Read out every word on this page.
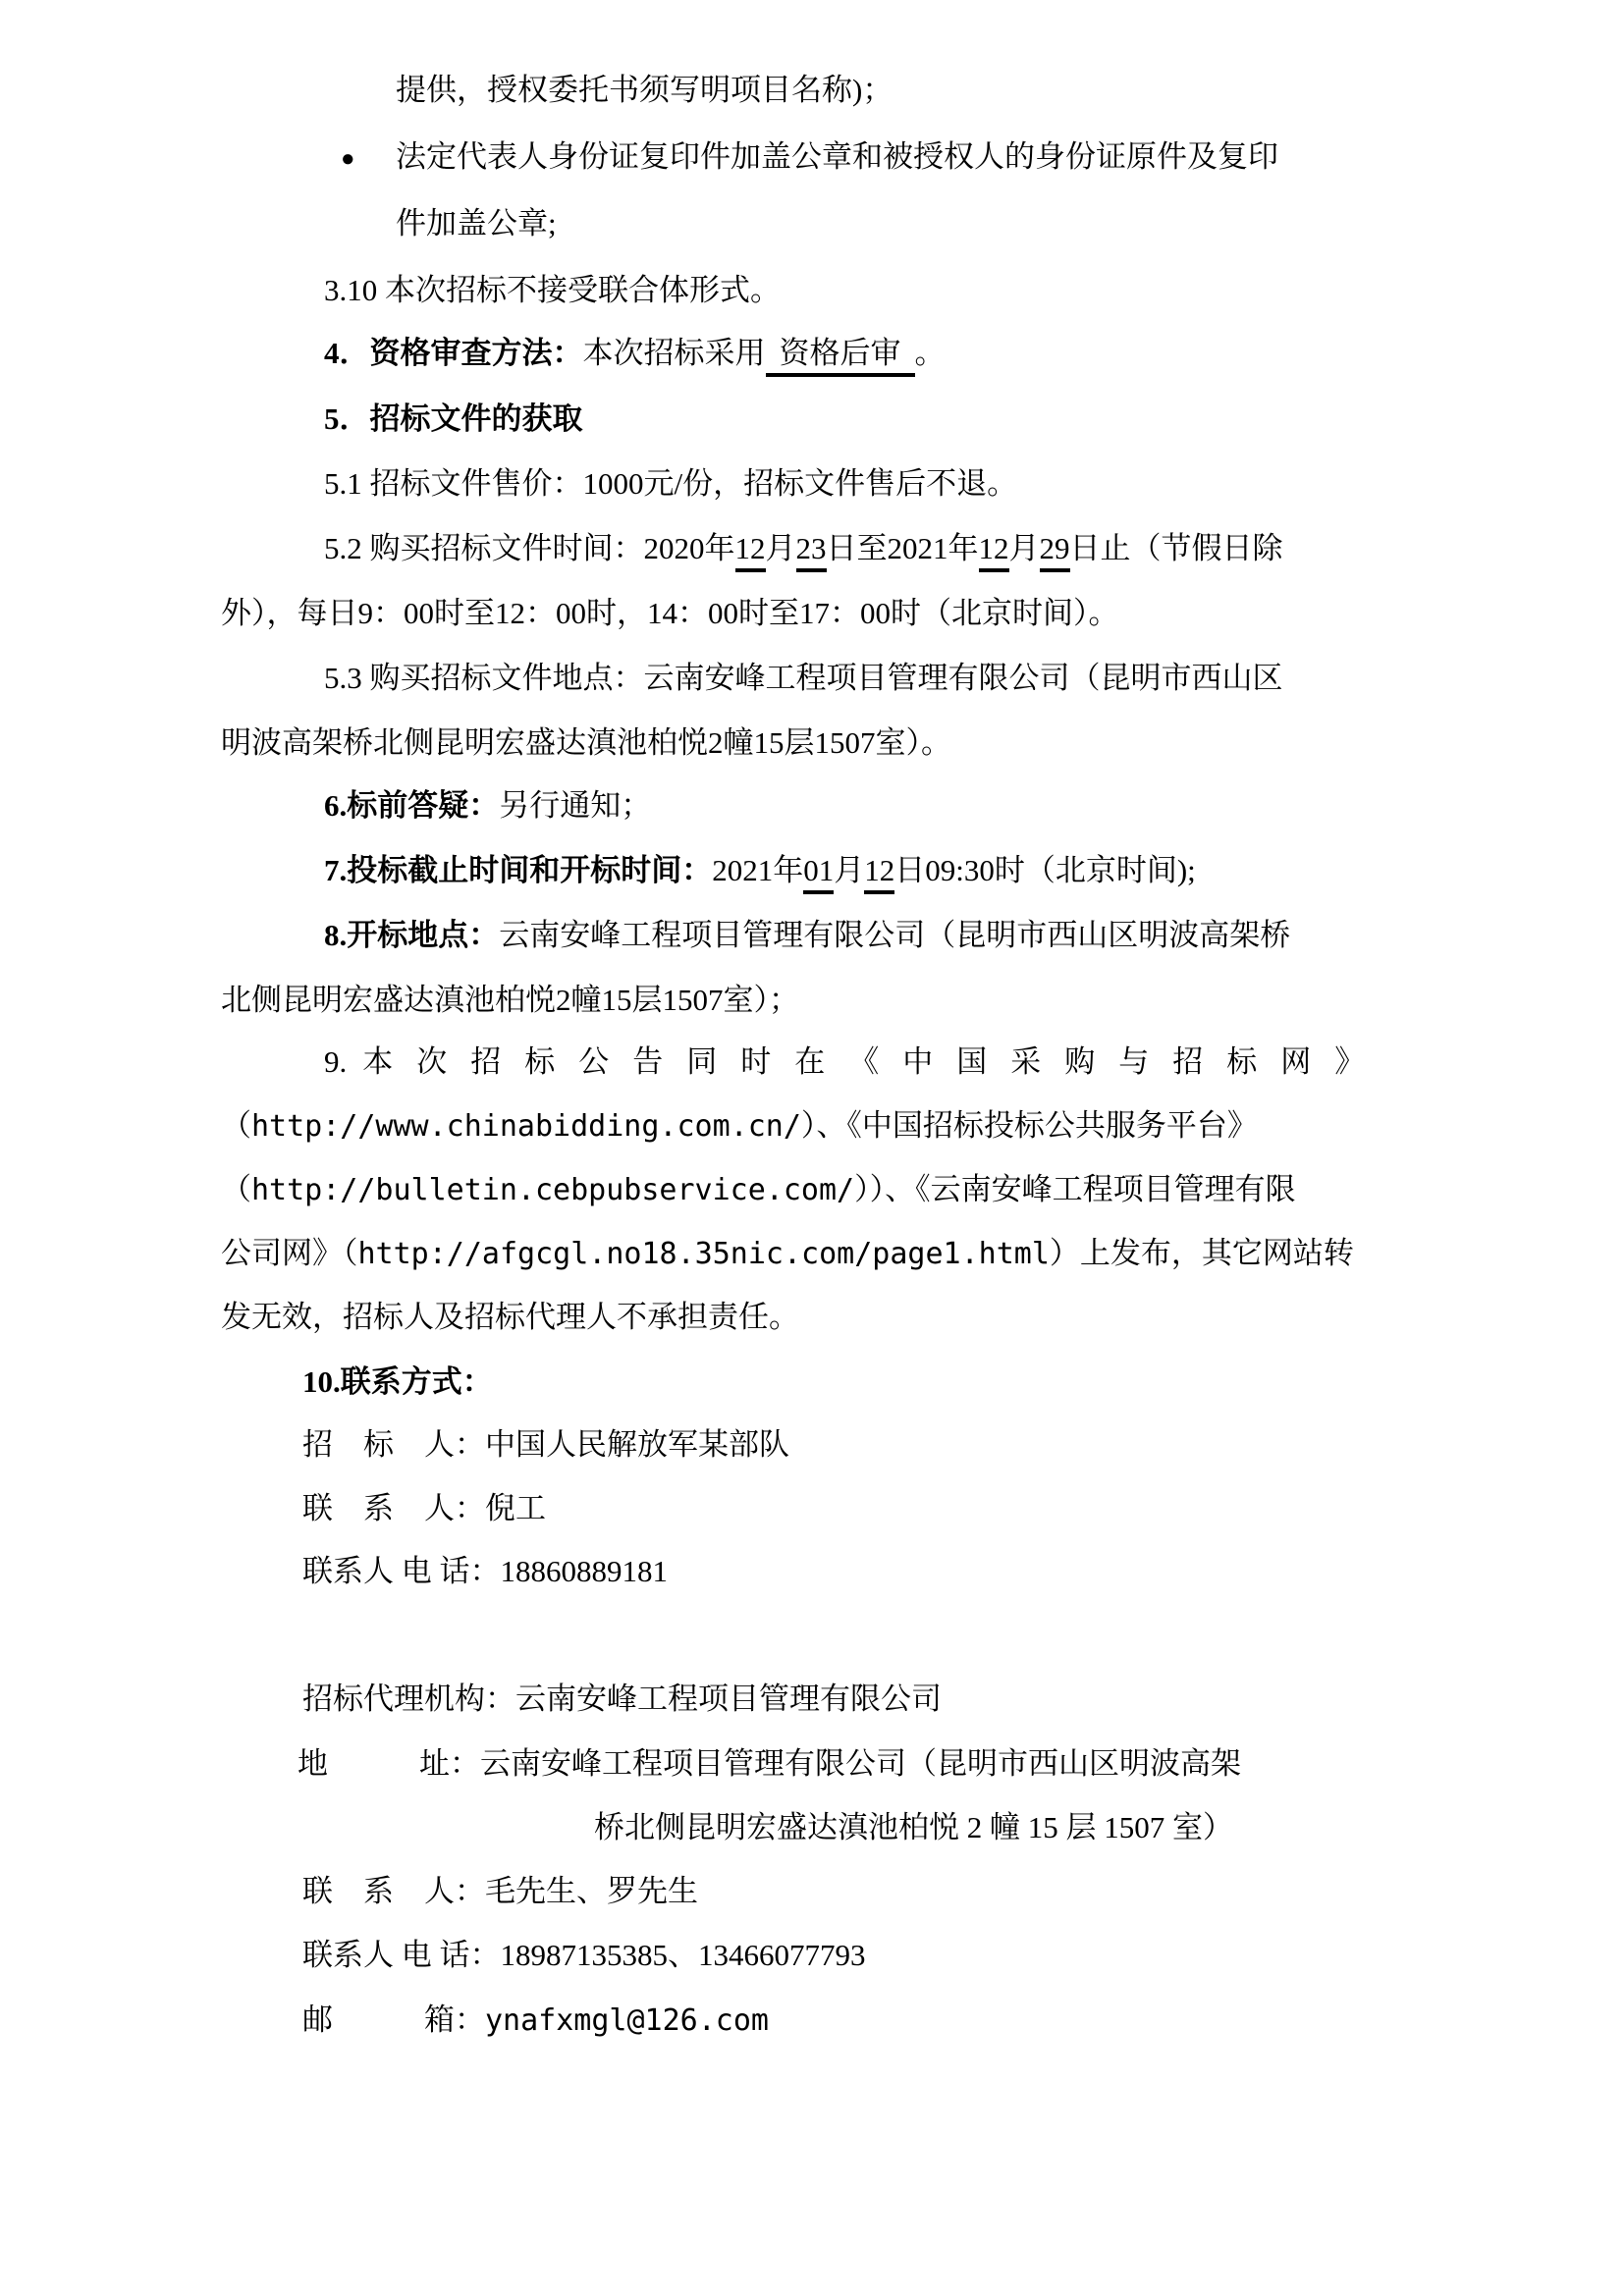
提供，授权委托书须写明项目名称)；
● 法定代表人身份证复印件加盖公章和被授权人的身份证原件及复印
件加盖公章;
3.10 本次招标不接受联合体形式。
4．资格审查方法：本次招标采用 资格后审 。
5．招标文件的获取
5.1 招标文件售价：1000元/份，招标文件售后不退。
5.2 购买招标文件时间：2020年12月23日至2021年12月29日止（节假日除
外），每日9：00时至12：00时，14：00时至17：00时（北京时间）。
5.3 购买招标文件地点：云南安峰工程项目管理有限公司（昆明市西山区
明波高架桥北侧昆明宏盛达滇池柏悦2幢15层1507室）。
6.标前答疑：另行通知；
7.投标截止时间和开标时间：2021年01月12日09:30时（北京时间);
8.开标地点：云南安峰工程项目管理有限公司（昆明市西山区明波高架桥
北侧昆明宏盛达滇池柏悦2幢15层1507室）；
9. 本次招标公告同时在《中国采购与招标网》
（http://www.chinabidding.com.cn/）、《中国招标投标公共服务平台》
（http://bulletin.cebpubservice.com/））、《云南安峰工程项目管理有限
公司网》（http://afgcgl.no18.35nic.com/page1.html）上发布，其它网站转
发无效，招标人及招标代理人不承担责任。
10.联系方式：
招　标　人：中国人民解放军某部队
联　系　人：倪工
联系人 电 话：18860889181
招标代理机构：云南安峰工程项目管理有限公司
地　　　址：云南安峰工程项目管理有限公司（昆明市西山区明波高架
桥北侧昆明宏盛达滇池柏悦 2 幢 15 层 1507 室）
联　系　人：毛先生、罗先生
联系人 电 话：18987135385、13466077793
邮　　　箱：ynafxmgl@126.com
